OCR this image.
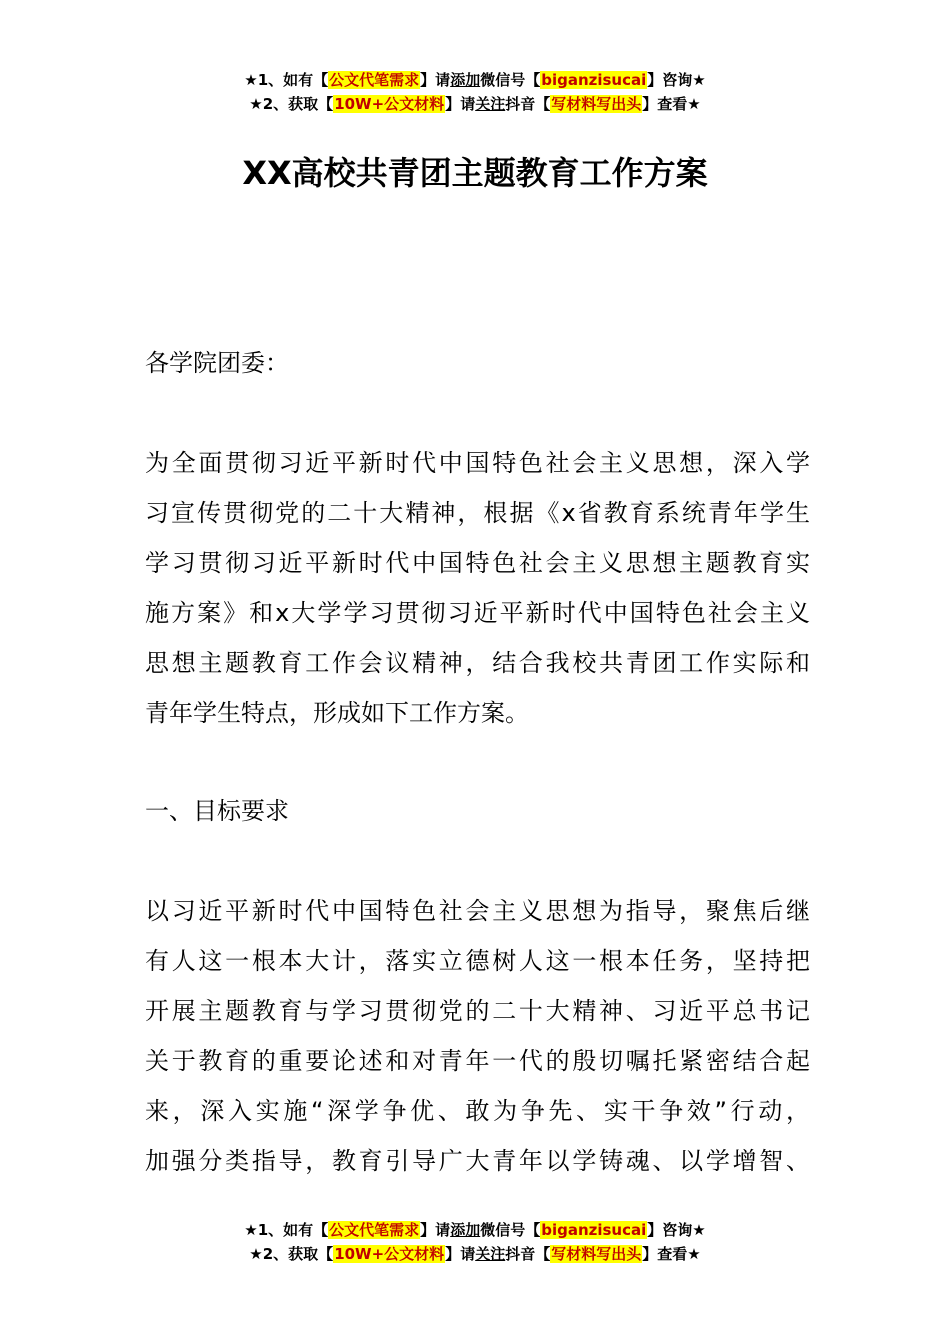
★1、如有【公文代笔需求】请添加微信号【biganzisucai】咨询★
★2、获取【10W+公文材料】请关注抖音【写材料写出头】查看★
XX高校共青团主题教育工作方案
各学院团委：
为全面贯彻习近平新时代中国特色社会主义思想，深入学
习宣传贯彻党的二十大精神，根据《x省教育系统青年学生
学习贯彻习近平新时代中国特色社会主义思想主题教育实
施方案》和x大学学习贯彻习近平新时代中国特色社会主义
思想主题教育工作会议精神，结合我校共青团工作实际和
青年学生特点，形成如下工作方案。
一、目标要求
以习近平新时代中国特色社会主义思想为指导，聚焦后继
有人这一根本大计，落实立德树人这一根本任务，坚持把
开展主题教育与学习贯彻党的二十大精神、习近平总书记
关于教育的重要论述和对青年一代的殷切嘱托紧密结合起
来，深入实施“深学争优、敢为争先、实干争效”行动，
加强分类指导，教育引导广大青年以学铸魂、以学增智、
★1、如有【公文代笔需求】请添加微信号【biganzisucai】咨询★
★2、获取【10W+公文材料】请关注抖音【写材料写出头】查看★
